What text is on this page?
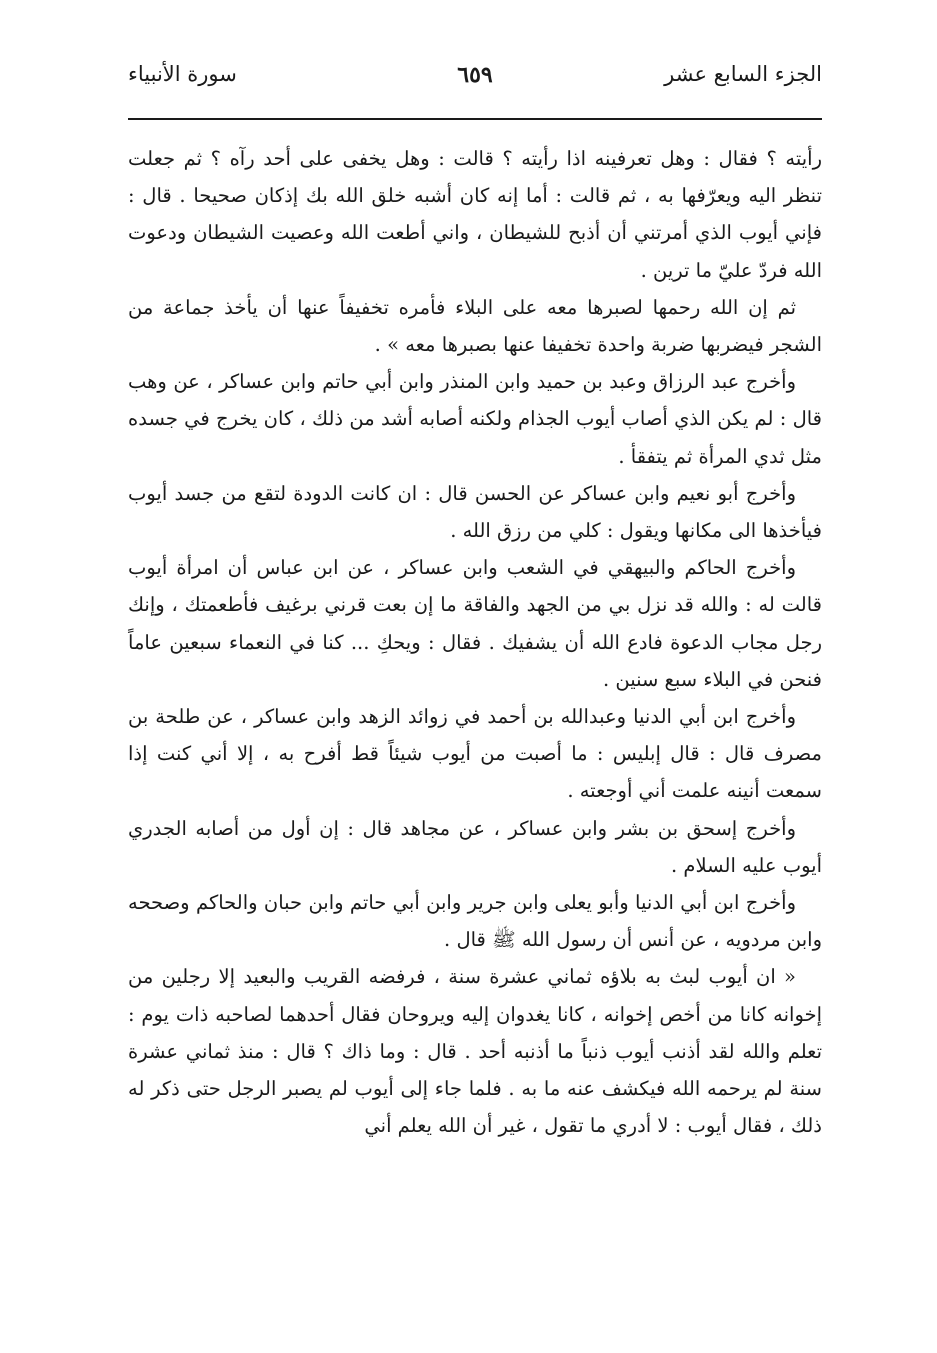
سورة الأنبياء	٦٥٩	الجزء السابع عشر

رأيته ؟ فقال : وهل تعرفينه اذا رأيته ؟ قالت : وهل يخفى على أحد رآه ؟ ثم جعلت تنظر اليه ويعرّفها به ، ثم قالت : أما إنه كان أشبه خلق الله بك إذكان صحيحا . قال : فإني أيوب الذي أمرتني أن أذبح للشيطان ، واني أطعت الله وعصيت الشيطان ودعوت الله فردّ عليّ ما ترين .

ثم إن الله رحمها لصبرها معه على البلاء فأمره تخفيفاً عنها أن يأخذ جماعة من الشجر فيضربها ضربة واحدة تخفيفا عنها بصبرها معه » .

وأخرج عبد الرزاق وعبد بن حميد وابن المنذر وابن أبي حاتم وابن عساكر ، عن وهب قال : لم يكن الذي أصاب أيوب الجذام ولكنه أصابه أشد من ذلك ، كان يخرج في جسده مثل ثدي المرأة ثم يتفقأ .

وأخرج أبو نعيم وابن عساكر عن الحسن قال : ان كانت الدودة لتقع من جسد أيوب فيأخذها الى مكانها ويقول : كلي من رزق الله .

وأخرج الحاكم والبيهقي في الشعب وابن عساكر ، عن ابن عباس أن امرأة أيوب قالت له : والله قد نزل بي من الجهد والفاقة ما إن بعت قرني برغيف فأطعمتك ، وإنك رجل مجاب الدعوة فادع الله أن يشفيك . فقال : ويحكِ ... كنا في النعماء سبعين عاماً فنحن في البلاء سبع سنين .

وأخرج ابن أبي الدنيا وعبدالله بن أحمد في زوائد الزهد وابن عساكر ، عن طلحة بن مصرف قال : قال إبليس : ما أصبت من أيوب شيئاً قط أفرح به ، إلا أني كنت إذا سمعت أنينه علمت أني أوجعته .

وأخرج إسحق بن بشر وابن عساكر ، عن مجاهد قال : إن أول من أصابه الجدري أيوب عليه السلام .

وأخرج ابن أبي الدنيا وأبو يعلى وابن جرير وابن أبي حاتم وابن حبان والحاكم وصححه وابن مردويه ، عن أنس أن رسول الله ﷺ قال .

« ان أيوب لبث به بلاؤه ثماني عشرة سنة ، فرفضه القريب والبعيد إلا رجلين من إخوانه كانا من أخص إخوانه ، كانا يغدوان إليه ويروحان فقال أحدهما لصاحبه ذات يوم : تعلم والله لقد أذنب أيوب ذنباً ما أذنبه أحد . قال : وما ذاك ؟ قال : منذ ثماني عشرة سنة لم يرحمه الله فيكشف عنه ما به . فلما جاء إلى أيوب لم يصبر الرجل حتى ذكر له ذلك ، فقال أيوب : لا أدري ما تقول ، غير أن الله يعلم أني
